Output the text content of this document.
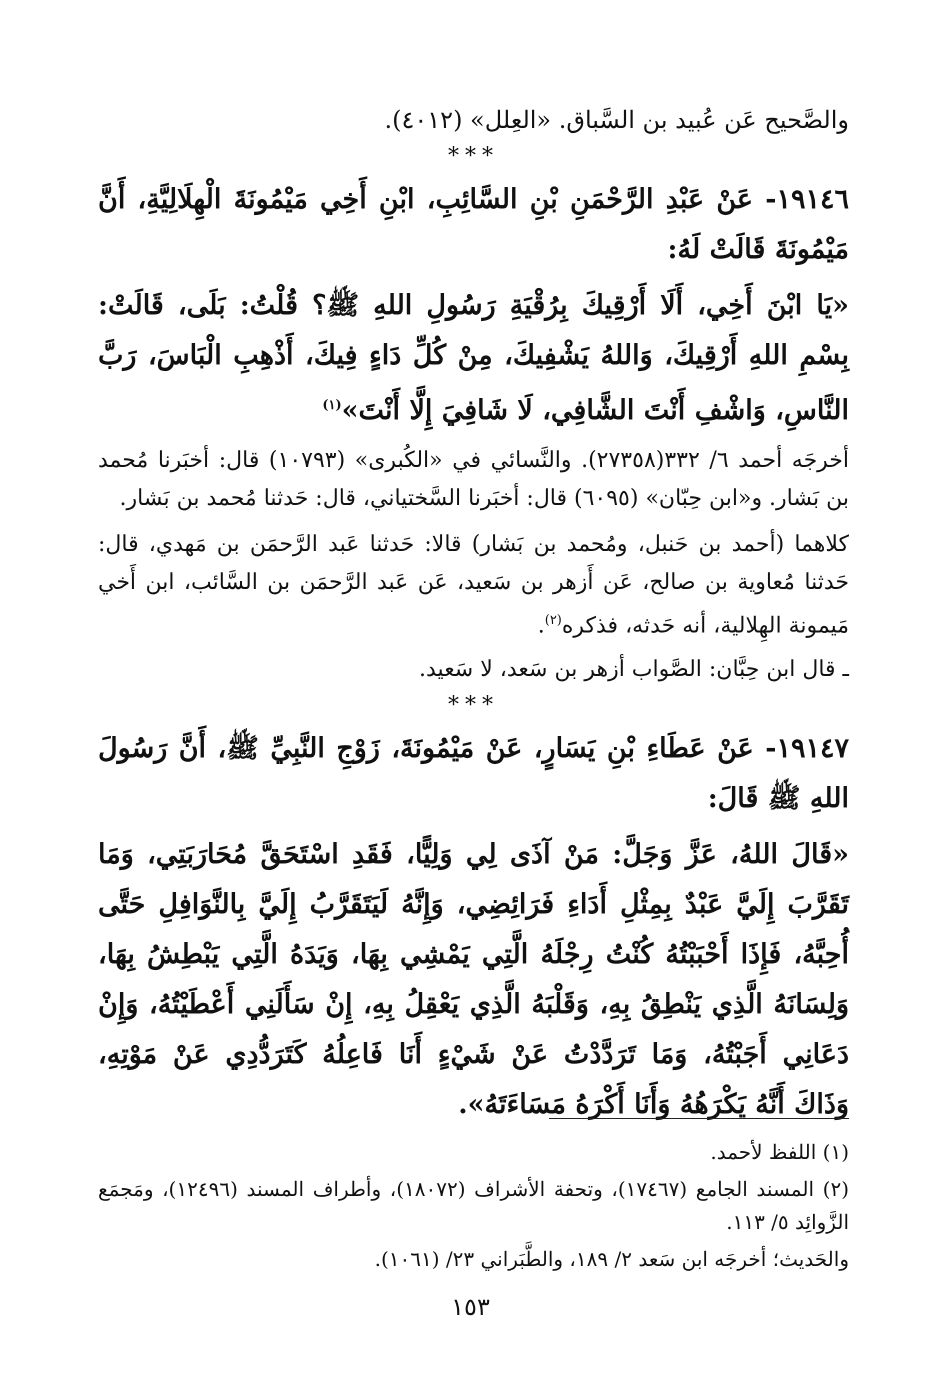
والصَّحيح عَن عُبيد بن السَّباق. «العِلل» (٤٠١٢).

***

١٩١٤٦- عَنْ عَبْدِ الرَّحْمَنِ بْنِ السَّائِبِ، ابْنِ أَخِي مَيْمُونَةَ الْهِلَالِيَّةِ، أَنَّ مَيْمُونَةَ قَالَتْ لَهُ:

«يَا ابْنَ أَخِي، أَلَا أَرْقِيكَ بِرُقْيَةِ رَسُولِ اللهِ ﷺ؟ قُلْتُ: بَلَى، قَالَتْ: بِسْمِ اللهِ أَرْقِيكَ، وَاللهُ يَشْفِيكَ، مِنْ كُلِّ دَاءٍ فِيكَ، أَذْهِبِ الْبَاسَ، رَبَّ النَّاسِ، وَاشْفِ أَنْتَ الشَّافِي، لَا شَافِيَ إِلَّا أَنْتَ»$^{(١)}$

أخرجَه أحمد ٦/ ٣٣٢(٢٧٣٥٨). والنَّسائي في «الكُبرى» (١٠٧٩٣) قال: أخبَرنا مُحمد بن بَشار. و«ابن حِبّان» (٦٠٩٥) قال: أخبَرنا السَّختياني، قال: حَدثنا مُحمد بن بَشار.

كلاهما (أحمد بن حَنبل، ومُحمد بن بَشار) قالا: حَدثنا عَبد الرَّحمَن بن مَهدي، قال: حَدثنا مُعاوية بن صالح، عَن أَزهر بن سَعيد، عَن عَبد الرَّحمَن بن السَّائب، ابن أَخي مَيمونة الهِلالية، أنه حَدثه، فذكره$^{(٢)}$.

ـ قال ابن حِبَّان: الصَّواب أزهر بن سَعد، لا سَعيد.

***

١٩١٤٧- عَنْ عَطَاءِ بْنِ يَسَارٍ، عَنْ مَيْمُونَةَ، زَوْجِ النَّبِيِّ ﷺ، أَنَّ رَسُولَ اللهِ ﷺ قَالَ:

«قَالَ اللهُ، عَزَّ وَجَلَّ: مَنْ آذَى لِي وَلِيًّا، فَقَدِ اسْتَحَقَّ مُحَارَبَتِي، وَمَا تَقَرَّبَ إِلَيَّ عَبْدٌ بِمِثْلِ أَدَاءِ فَرَائِضِي، وَإِنَّهُ لَيَتَقَرَّبُ إِلَيَّ بِالنَّوَافِلِ حَتَّى أُحِبَّهُ، فَإِذَا أَحْبَبْتُهُ كُنْتُ رِجْلَهُ الَّتِي يَمْشِي بِهَا، وَيَدَهُ الَّتِي يَبْطِشُ بِهَا، وَلِسَانَهُ الَّذِي يَنْطِقُ بِهِ، وَقَلْبَهُ الَّذِي يَعْقِلُ بِهِ، إِنْ سَأَلَنِي أَعْطَيْتُهُ، وَإِنْ دَعَانِي أَجَبْتُهُ، وَمَا تَرَدَّدْتُ عَنْ شَيْءٍ أَنَا فَاعِلُهُ كَتَرَدُّدِي عَنْ مَوْتِهِ، وَذَاكَ أَنَّهُ يَكْرَهُهُ وَأَنَا أَكْرَهُ مَسَاءَتَهُ».

(١) اللفظ لأحمد.

(٢) المسند الجامع (١٧٤٦٧)، وتحفة الأشراف (١٨٠٧٢)، وأطراف المسند (١٢٤٩٦)، ومَجمَع الزَّوائِد ٥/ ١١٣.

والحَديث؛ أخرجَه ابن سَعد ٢/ ١٨٩، والطَّبَراني ٢٣/ (١٠٦١).

١٥٣
